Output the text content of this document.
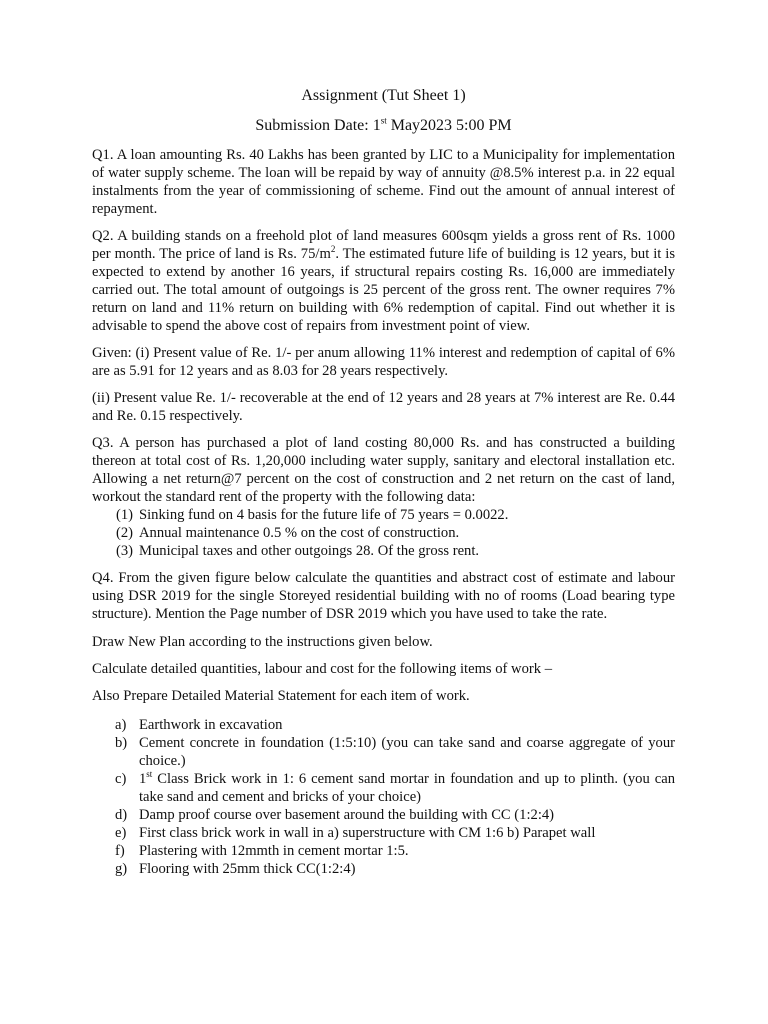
Assignment (Tut Sheet 1)
Submission Date: 1st May2023 5:00 PM

Q1. A loan amounting Rs. 40 Lakhs has been granted by LIC to a Municipality for implementation of water supply scheme. The loan will be repaid by way of annuity @8.5% interest p.a. in 22 equal instalments from the year of commissioning of scheme. Find out the amount of annual interest of repayment.

Q2. A building stands on a freehold plot of land measures 600sqm yields a gross rent of Rs. 1000 per month. The price of land is Rs. $75/m^2$. The estimated future life of building is 12 years, but it is expected to extend by another 16 years, if structural repairs costing Rs. 16,000 are immediately carried out. The total amount of outgoings is 25 percent of the gross rent. The owner requires 7% return on land and 11% return on building with 6% redemption of capital. Find out whether it is advisable to spend the above cost of repairs from investment point of view.

Given: (i) Present value of Re. 1/- per anum allowing 11% interest and redemption of capital of 6% are as 5.91 for 12 years and as 8.03 for 28 years respectively.

(ii) Present value Re. 1/- recoverable at the end of 12 years and 28 years at 7% interest are Re. 0.44 and Re. 0.15 respectively.

Q3. A person has purchased a plot of land costing 80,000 Rs. and has constructed a building thereon at total cost of Rs. 1,20,000 including water supply, sanitary and electoral installation etc. Allowing a net return@7 percent on the cost of construction and 2 net return on the cast of land, workout the standard rent of the property with the following data:

(1) Sinking fund on 4 basis for the future life of 75 years = 0.0022.
(2) Annual maintenance 0.5 % on the cost of construction.
(3) Municipal taxes and other outgoings 28. Of the gross rent.

Q4. From the given figure below calculate the quantities and abstract cost of estimate and labour using DSR 2019 for the single Storeyed residential building with no of rooms (Load bearing type structure). Mention the Page number of DSR 2019 which you have used to take the rate.

Draw New Plan according to the instructions given below.

Calculate detailed quantities, labour and cost for the following items of work –

Also Prepare Detailed Material Statement for each item of work.

a) Earthwork in excavation
b) Cement concrete in foundation (1:5:10) (you can take sand and coarse aggregate of your choice.)
c) 1st Class Brick work in 1: 6 cement sand mortar in foundation and up to plinth. (you can take sand and cement and bricks of your choice)
d) Damp proof course over basement around the building with CC (1:2:4)
e) First class brick work in wall in a) superstructure with CM 1:6 b) Parapet wall
f) Plastering with 12mmth in cement mortar 1:5.
g) Flooring with 25mm thick CC(1:2:4)
